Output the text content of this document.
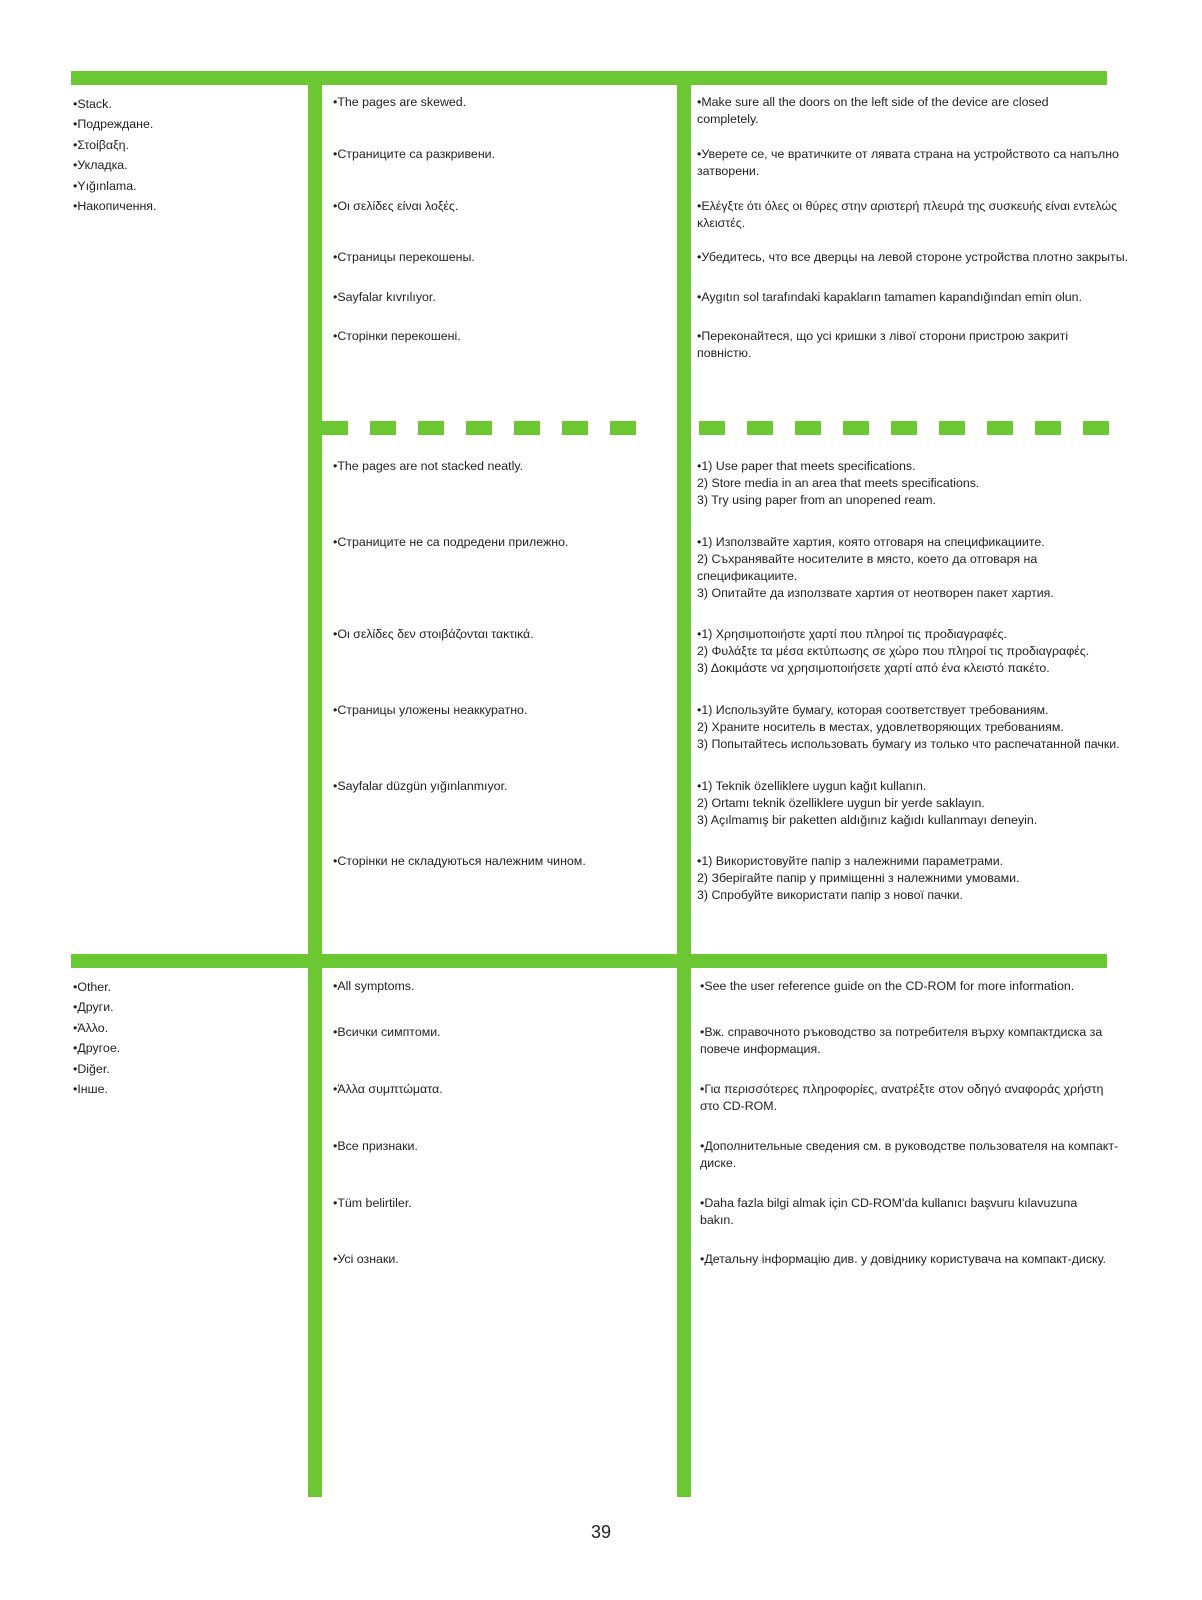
•Stack.
•Подреждане.
•Στοίβαξη.
•Укладка.
•Yığınlama.
•Накопичення.

•The pages are skewed.

•Страниците са разкривени.

•Οι σελίδες είναι λοξές.

•Страницы перекошены.

•Sayfalar kıvrılıyor.

•Сторінки перекошені.

•Make sure all the doors on the left side of the device are closed
completely.

•Уверете се, че вратичките от лявата страна на устройството са напълно
затворени.

•Ελέγξτε ότι όλες οι θύρες στην αριστερή πλευρά της συσκευής είναι εντελώς
κλειστές.

•Убедитесь, что все дверцы на левой стороне устройства плотно закрыты.

•Aygıtın sol tarafındaki kapakların tamamen kapandığından emin olun.

•Переконайтеся, що усі кришки з лівої сторони пристрою закриті
повністю.

•The pages are not stacked neatly.

•Страниците не са подредени прилежно.

•Οι σελίδες δεν στοιβάζονται τακτικά.

•Страницы уложены неаккуратно.

•Sayfalar düzgün yığınlanmıyor.

•Сторінки не складуються належним чином.

•1) Use paper that meets specifications.
2) Store media in an area that meets specifications.
3) Try using paper from an unopened ream.

•1) Използвайте хартия, която отговаря на спецификациите.
2) Съхранявайте носителите в място, което да отговаря на
спецификациите.
3) Опитайте да използвате хартия от неотворен пакет хартия.

•1) Χρησιμοποιήστε χαρτί που πληροί τις προδιαγραφές.
2) Φυλάξτε τα μέσα εκτύπωσης σε χώρο που πληροί τις προδιαγραφές.
3) Δοκιμάστε να χρησιμοποιήσετε χαρτί από ένα κλειστό πακέτο.

•1) Используйте бумагу, которая соответствует требованиям.
2) Храните носитель в местах, удовлетворяющих требованиям.
3) Попытайтесь использовать бумагу из только что распечатанной пачки.

•1) Teknik özelliklere uygun kağıt kullanın.
2) Ortamı teknik özelliklere uygun bir yerde saklayın.
3) Açılmamış bir paketten aldığınız kağıdı kullanmayı deneyin.

•1) Використовуйте папір з належними параметрами.
2) Зберігайте папір у приміщенні з належними умовами.
3) Спробуйте використати папір з нової пачки.

•Other.
•Други.
•Άλλο.
•Другое.
•Diğer.
•Інше.

•All symptoms.

•Всички симптоми.

•Άλλα συμπτώματα.

•Все признаки.

•Tüm belirtiler.

•Усі ознаки.

•See the user reference guide on the CD-ROM for more information.

•Вж. справочното ръководство за потребителя върху компактдиска за
повече информация.

•Για περισσότερες πληροφορίες, ανατρέξτε στον οδηγό αναφοράς χρήστη
στο CD-ROM.

•Дополнительные сведения см. в руководстве пользователя на компакт-
диске.

•Daha fazla bilgi almak için CD-ROM'da kullanıcı başvuru kılavuzuna
bakın.

•Детальну інформацію див. у довіднику користувача на компакт-диску.

39
